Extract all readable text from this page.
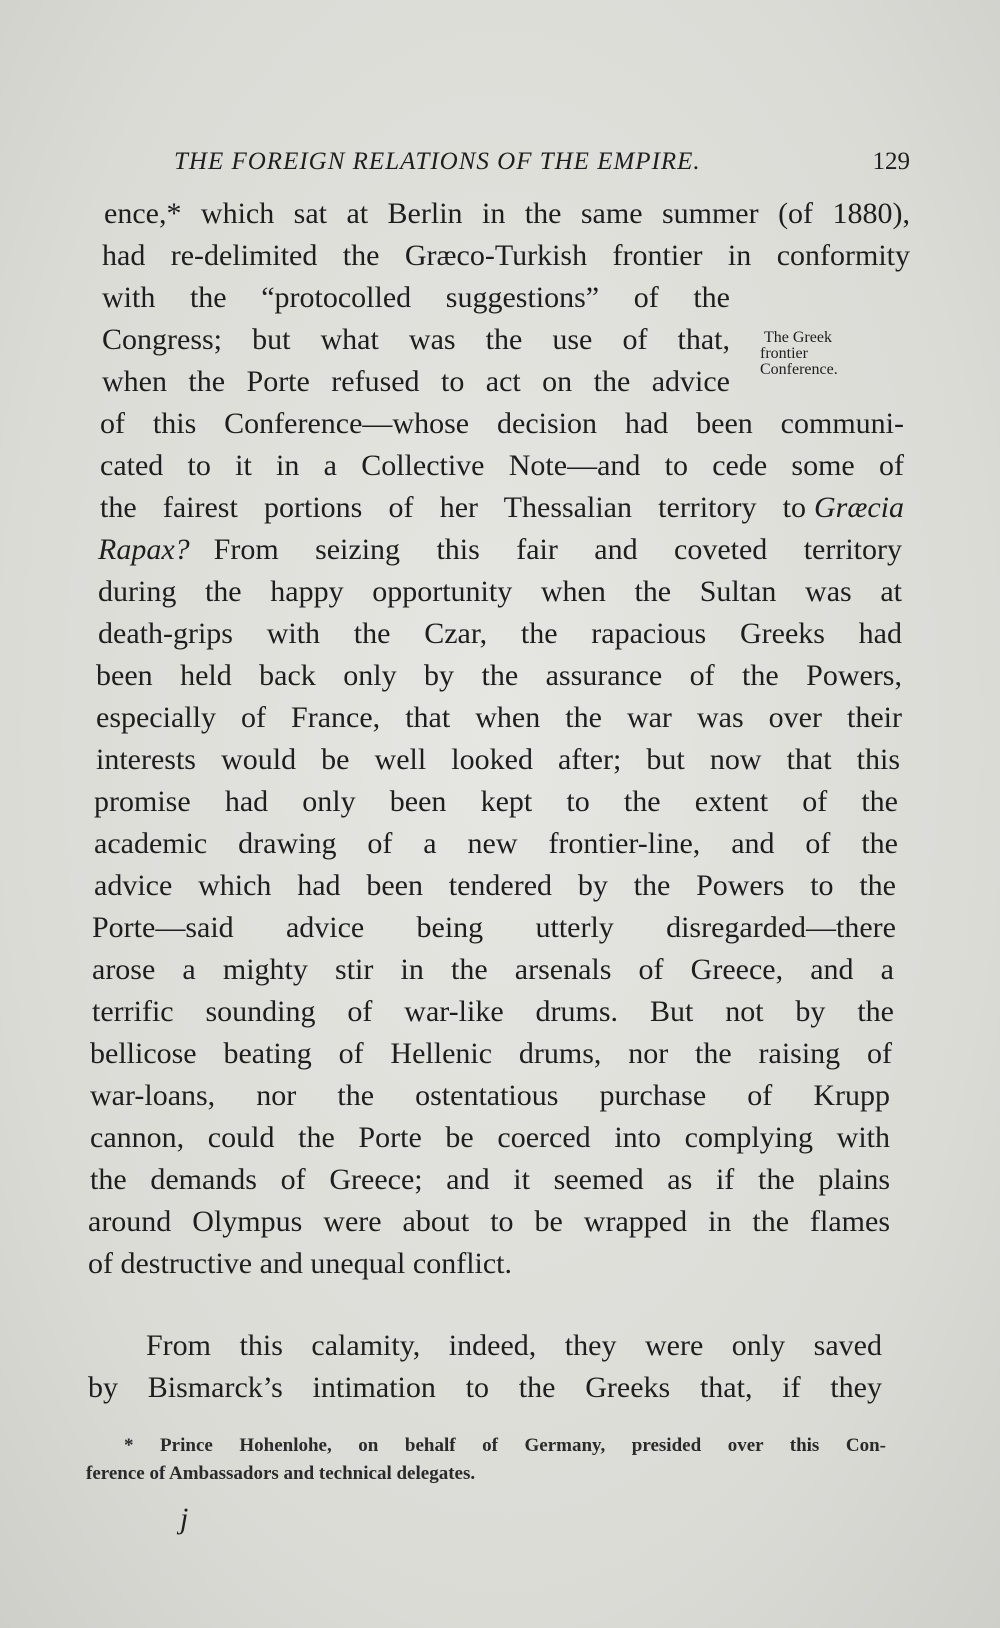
THE FOREIGN RELATIONS OF THE EMPIRE.	129
The Greek
frontier
Conference.
ence,* which sat at Berlin in the same summer (of 1880),
had re-delimited the Græco-Turkish frontier in conformity
with the “protocolled suggestions” of the
Congress; but what was the use of that,
when the Porte refused to act on the advice
of this Conference—whose decision had been communi-
cated to it in a Collective Note—and to cede some of
the fairest portions of her Thessalian territory to Græcia
Rapax? From seizing this fair and coveted territory
during the happy opportunity when the Sultan was at
death-grips with the Czar, the rapacious Greeks had
been held back only by the assurance of the Powers,
especially of France, that when the war was over their
interests would be well looked after; but now that this
promise had only been kept to the extent of the
academic drawing of a new frontier-line, and of the
advice which had been tendered by the Powers to the
Porte—said advice being utterly disregarded—there
arose a mighty stir in the arsenals of Greece, and a
terrific sounding of war-like drums. But not by the
bellicose beating of Hellenic drums, nor the raising of
war-loans, nor the ostentatious purchase of Krupp
cannon, could the Porte be coerced into complying with
the demands of Greece; and it seemed as if the plains
around Olympus were about to be wrapped in the flames
of destructive and unequal conflict.
From this calamity, indeed, they were only saved
by Bismarck’s intimation to the Greeks that, if they
* Prince Hohenlohe, on behalf of Germany, presided over this Con-
ference of Ambassadors and technical delegates.
j
